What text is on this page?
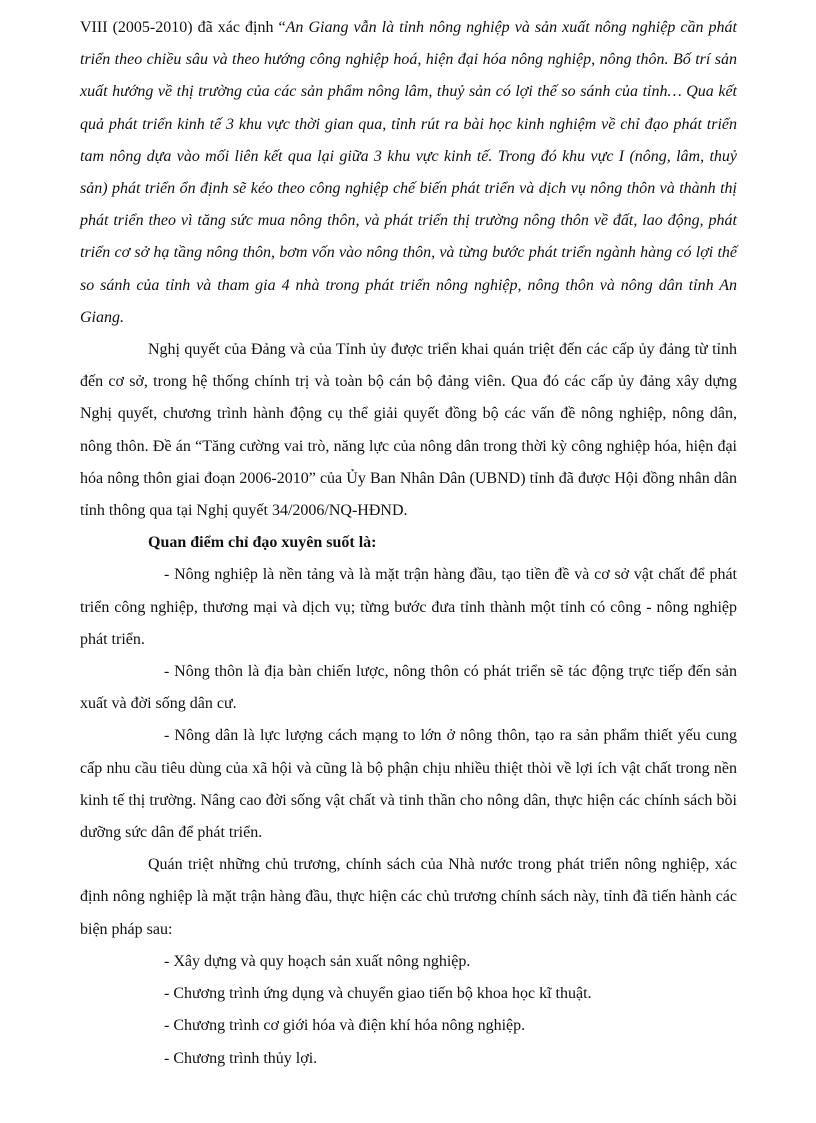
VIII (2005-2010) đã xác định “An Giang vẫn là tỉnh nông nghiệp và sản xuất nông nghiệp cần phát triển theo chiều sâu và theo hướng công nghiệp hoá, hiện đại hóa nông nghiệp, nông thôn. Bố trí sản xuất hướng về thị trường của các sản phẩm nông lâm, thuỷ sản có lợi thế so sánh của tỉnh… Qua kết quả phát triển kinh tế 3 khu vực thời gian qua, tỉnh rút ra bài học kinh nghiệm về chỉ đạo phát triển tam nông dựa vào mối liên kết qua lại giữa 3 khu vực kinh tế. Trong đó khu vực I (nông, lâm, thuỷ sản) phát triển ổn định sẽ kéo theo công nghiệp chế biến phát triển và dịch vụ nông thôn và thành thị phát triển theo vì tăng sức mua nông thôn, và phát triển thị trường nông thôn về đất, lao động, phát triển cơ sở hạ tầng nông thôn, bơm vốn vào nông thôn, và từng bước phát triển ngành hàng có lợi thế so sánh của tỉnh và tham gia 4 nhà trong phát triển nông nghiệp, nông thôn và nông dân tỉnh An Giang.

Nghị quyết của Đảng và của Tỉnh ủy được triển khai quán triệt đến các cấp ủy đảng từ tỉnh đến cơ sở, trong hệ thống chính trị và toàn bộ cán bộ đảng viên. Qua đó các cấp ủy đảng xây dựng Nghị quyết, chương trình hành động cụ thể giải quyết đồng bộ các vấn đề nông nghiệp, nông dân, nông thôn. Đề án “Tăng cường vai trò, năng lực của nông dân trong thời kỳ công nghiệp hóa, hiện đại hóa nông thôn giai đoạn 2006-2010” của Ủy Ban Nhân Dân (UBND) tỉnh đã được Hội đồng nhân dân tỉnh thông qua tại Nghị quyết 34/2006/NQ-HĐND.

Quan điểm chỉ đạo xuyên suốt là:

- Nông nghiệp là nền tảng và là mặt trận hàng đầu, tạo tiền đề và cơ sở vật chất để phát triển công nghiệp, thương mại và dịch vụ; từng bước đưa tỉnh thành một tỉnh có công - nông nghiệp phát triển.

- Nông thôn là địa bàn chiến lược, nông thôn có phát triển sẽ tác động trực tiếp đến sản xuất và đời sống dân cư.

- Nông dân là lực lượng cách mạng to lớn ở nông thôn, tạo ra sản phẩm thiết yếu cung cấp nhu cầu tiêu dùng của xã hội và cũng là bộ phận chịu nhiều thiệt thòi về lợi ích vật chất trong nền kinh tế thị trường. Nâng cao đời sống vật chất và tinh thần cho nông dân, thực hiện các chính sách bồi dưỡng sức dân để phát triển.

Quán triệt những chủ trương, chính sách của Nhà nước trong phát triển nông nghiệp, xác định nông nghiệp là mặt trận hàng đầu, thực hiện các chủ trương chính sách này, tỉnh đã tiến hành các biện pháp sau:

- Xây dựng và quy hoạch sản xuất nông nghiệp.

- Chương trình ứng dụng và chuyển giao tiến bộ khoa học kĩ thuật.

- Chương trình cơ giới hóa và điện khí hóa nông nghiệp.

- Chương trình thủy lợi.
